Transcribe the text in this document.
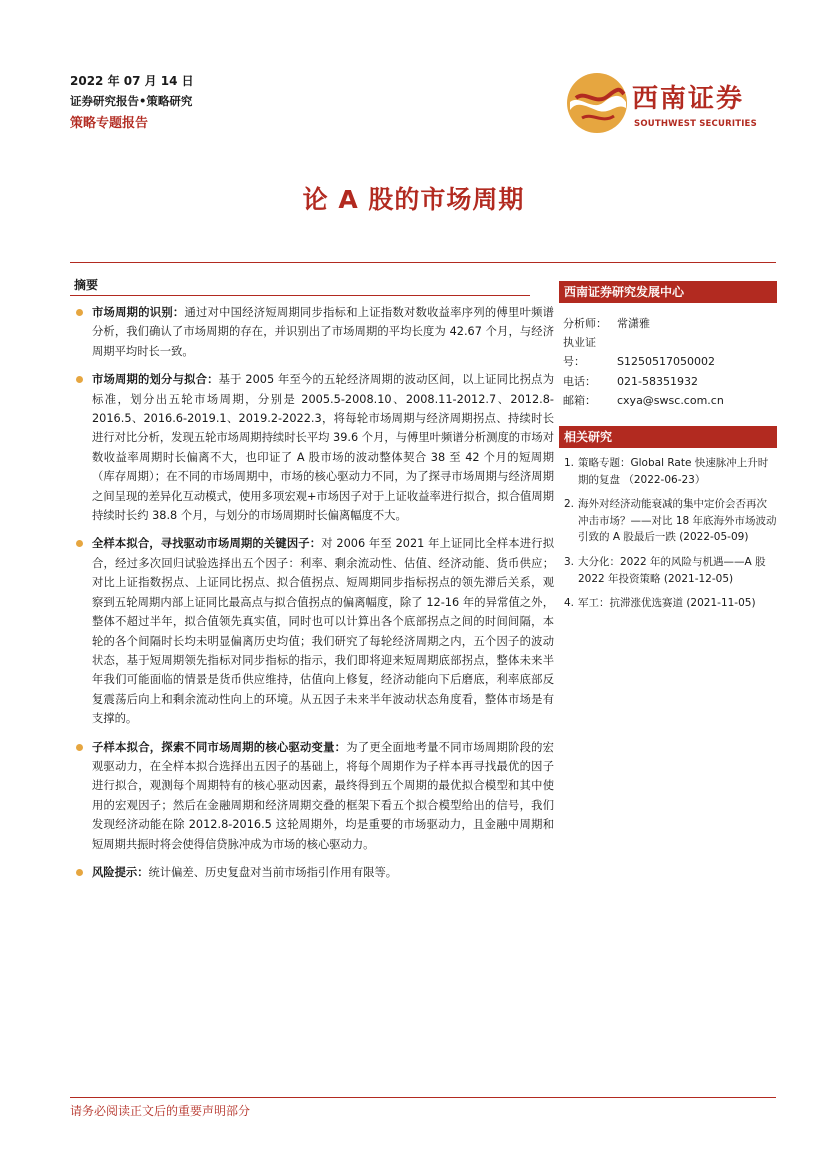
2022 年 07 月 14 日
证券研究报告•策略研究
策略专题报告
西南证券
SOUTHWEST SECURITIES
论 A 股的市场周期
摘要
市场周期的识别：通过对中国经济短周期同步指标和上证指数对数收益率序列的傅里叶频谱分析，我们确认了市场周期的存在，并识别出了市场周期的平均长度为 42.67 个月，与经济周期平均时长一致。
市场周期的划分与拟合：基于 2005 年至今的五轮经济周期的波动区间，以上证同比拐点为标准，划分出五轮市场周期，分别是 2005.5-2008.10、2008.11-2012.7、2012.8-2016.5、2016.6-2019.1、2019.2-2022.3，将每轮市场周期与经济周期拐点、持续时长进行对比分析，发现五轮市场周期持续时长平均 39.6 个月，与傅里叶频谱分析测度的市场对数收益率周期时长偏离不大，也印证了 A 股市场的波动整体契合 38 至 42 个月的短周期（库存周期）；在不同的市场周期中，市场的核心驱动力不同，为了探寻市场周期与经济周期之间呈现的差异化互动模式，使用多项宏观+市场因子对于上证收益率进行拟合，拟合值周期持续时长约 38.8 个月，与划分的市场周期时长偏离幅度不大。
全样本拟合，寻找驱动市场周期的关键因子：对 2006 年至 2021 年上证同比全样本进行拟合，经过多次回归试验选择出五个因子：利率、剩余流动性、估值、经济动能、货币供应；对比上证指数拐点、上证同比拐点、拟合值拐点、短周期同步指标拐点的领先滞后关系，观察到五轮周期内部上证同比最高点与拟合值拐点的偏离幅度，除了 12-16 年的异常值之外，整体不超过半年，拟合值领先真实值，同时也可以计算出各个底部拐点之间的时间间隔，本轮的各个间隔时长均未明显偏离历史均值；我们研究了每轮经济周期之内，五个因子的波动状态，基于短周期领先指标对同步指标的指示，我们即将迎来短周期底部拐点，整体未来半年我们可能面临的情景是货币供应维持，估值向上修复，经济动能向下后磨底，利率底部反复震荡后向上和剩余流动性向上的环境。从五因子未来半年波动状态角度看，整体市场是有支撑的。
子样本拟合，探索不同市场周期的核心驱动变量：为了更全面地考量不同市场周期阶段的宏观驱动力，在全样本拟合选择出五因子的基础上，将每个周期作为子样本再寻找最优的因子进行拟合，观测每个周期特有的核心驱动因素，最终得到五个周期的最优拟合模型和其中使用的宏观因子；然后在金融周期和经济周期交叠的框架下看五个拟合模型给出的信号，我们发现经济动能在除 2012.8-2016.5 这轮周期外，均是重要的市场驱动力，且金融中周期和短周期共振时将会使得信贷脉冲成为市场的核心驱动力。
风险提示：统计偏差、历史复盘对当前市场指引作用有限等。
西南证券研究发展中心
分析师： 常潇雅
执业证号：	S1250517050002
电话： 021-58351932
邮箱： cxya@swsc.com.cn
相关研究
1. 策略专题：Global Rate 快速脉冲上升时期的复盘 （2022-06-23）
2. 海外对经济动能衰减的集中定价会否再次冲击市场？——对比 18 年底海外市场波动引致的 A 股最后一跌 (2022-05-09)
3. 大分化：2022 年的风险与机遇——A 股 2022 年投资策略 (2021-12-05)
4. 军工：抗滞涨优选赛道 (2021-11-05)
请务必阅读正文后的重要声明部分
